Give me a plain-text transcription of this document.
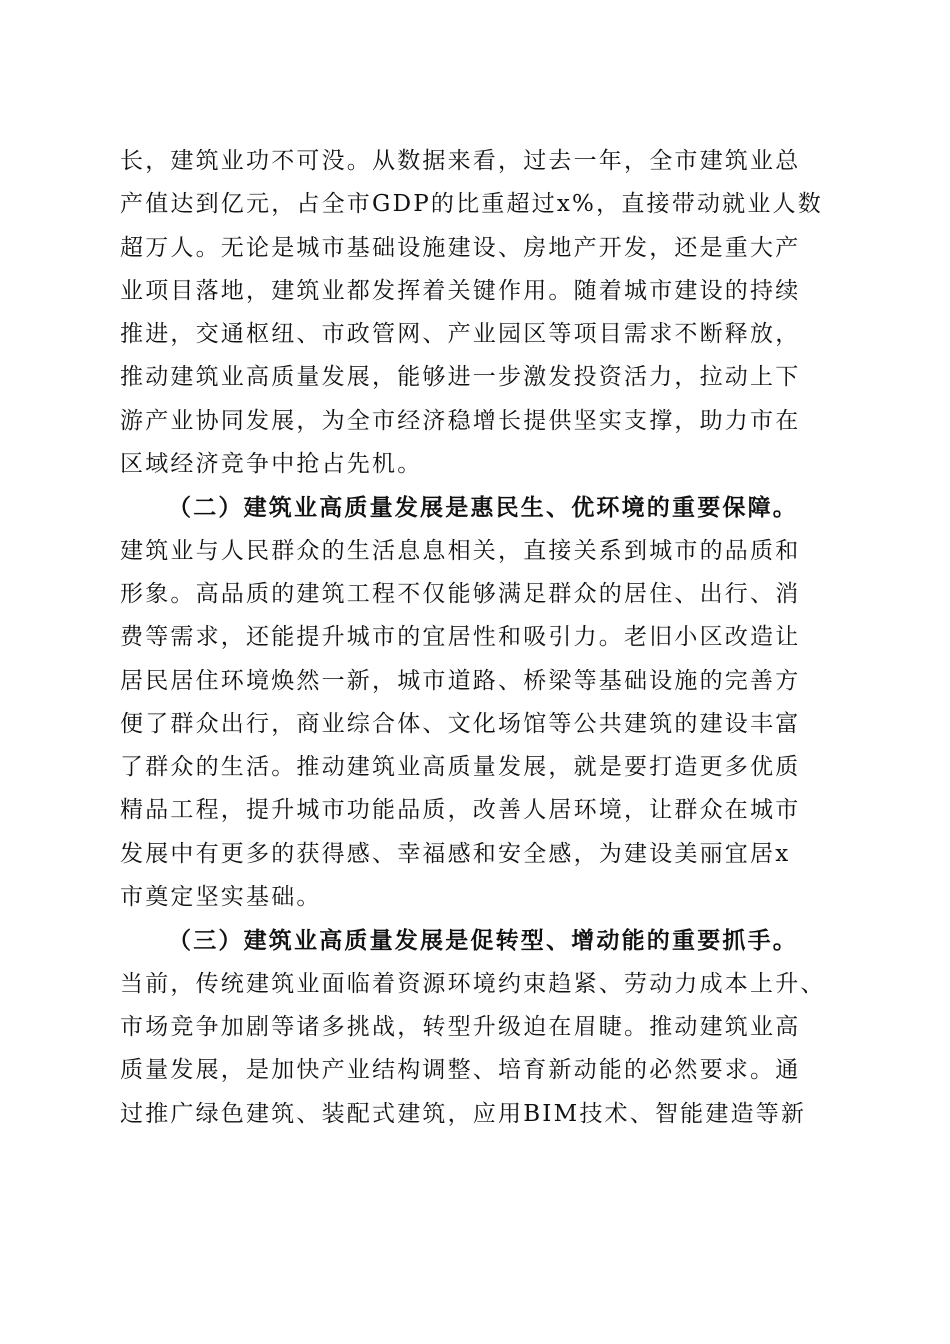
长，建筑业功不可没。从数据来看，过去一年，全市建筑业总
产值达到亿元，占全市GDP的比重超过x%，直接带动就业人数
超万人。无论是城市基础设施建设、房地产开发，还是重大产
业项目落地，建筑业都发挥着关键作用。随着城市建设的持续
推进，交通枢纽、市政管网、产业园区等项目需求不断释放，
推动建筑业高质量发展，能够进一步激发投资活力，拉动上下
游产业协同发展，为全市经济稳增长提供坚实支撑，助力市在
区域经济竞争中抢占先机。
（二）建筑业高质量发展是惠民生、优环境的重要保障。
建筑业与人民群众的生活息息相关，直接关系到城市的品质和
形象。高品质的建筑工程不仅能够满足群众的居住、出行、消
费等需求，还能提升城市的宜居性和吸引力。老旧小区改造让
居民居住环境焕然一新，城市道路、桥梁等基础设施的完善方
便了群众出行，商业综合体、文化场馆等公共建筑的建设丰富
了群众的生活。推动建筑业高质量发展，就是要打造更多优质
精品工程，提升城市功能品质，改善人居环境，让群众在城市
发展中有更多的获得感、幸福感和安全感，为建设美丽宜居x
市奠定坚实基础。
（三）建筑业高质量发展是促转型、增动能的重要抓手。
当前，传统建筑业面临着资源环境约束趋紧、劳动力成本上升、
市场竞争加剧等诸多挑战，转型升级迫在眉睫。推动建筑业高
质量发展，是加快产业结构调整、培育新动能的必然要求。通
过推广绿色建筑、装配式建筑，应用BIM技术、智能建造等新
